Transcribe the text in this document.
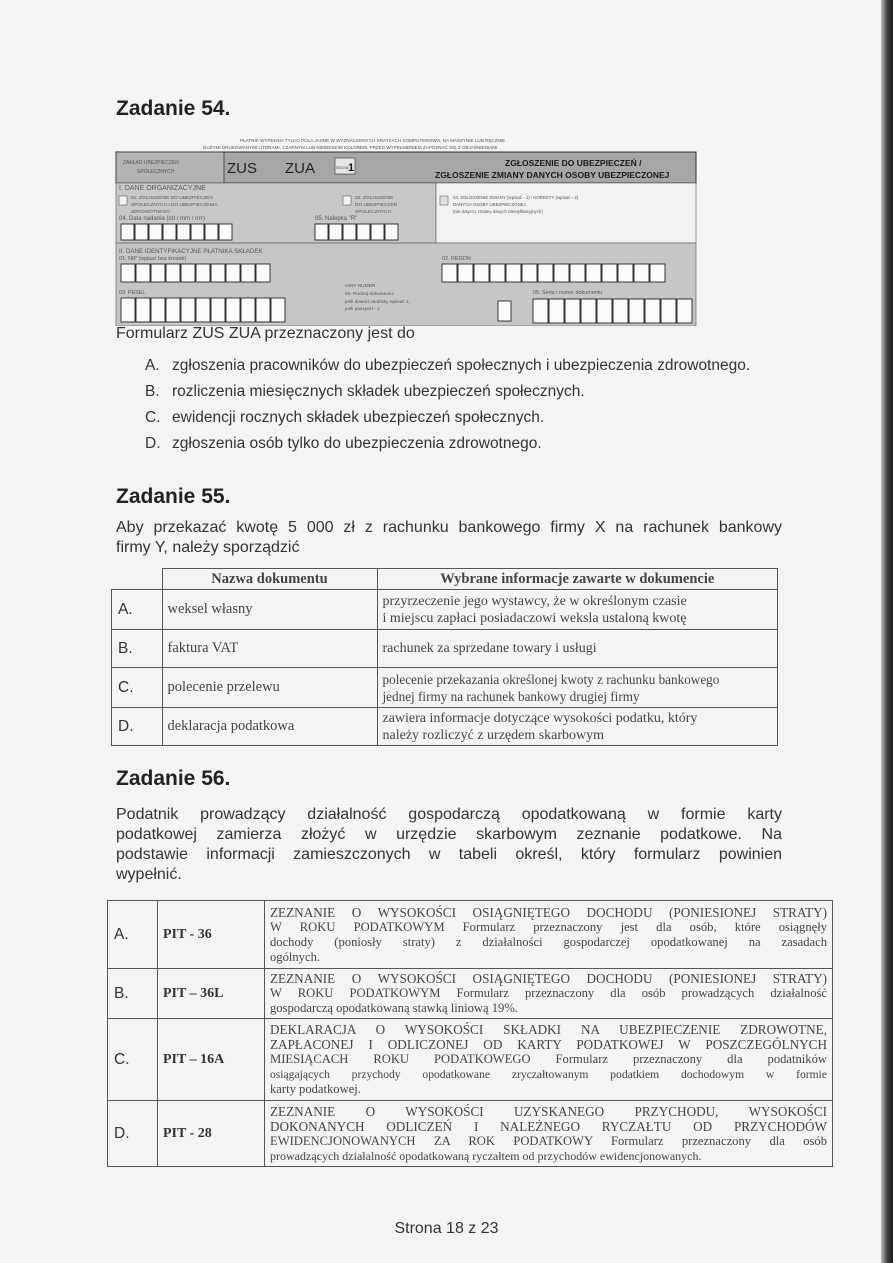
Zadanie 54.
PŁATNIK WYPEŁNIA TYLKO POLA JASNE W WYZNACZONYCH KRATKACH KOMPUTEROWO, NA MASZYNIE LUB RĘCZNIE
DUŻYMI DRUKOWANYMI LITERAMI, CZARNYM LUB NIEBIESKIM KOLOREM, PRZED WYPEŁNIENIEM ZAPOZNAĆ SIĘ Z OBJAŚNIENIAMI
ZAKŁAD UBEZPIECZEŃ
SPOŁECZNYCH	ZUS ZUA	strona 1	ZGŁOSZENIE DO UBEZPIECZEŃ /
ZGŁOSZENIE ZMIANY DANYCH OSOBY UBEZPIECZONEJ
I. DANE ORGANIZACYJNE
01. ZGŁOSZENIE DO UBEZPIECZEŃ
SPOŁECZNYCH I DO UBEZPIECZENIA
ZDROWOTNEGO
04. Data nadania (dd / mm / rrrr)
02. ZGŁOSZENIE
DO UBEZPIECZEŃ
SPOŁECZNYCH
05. Nalepka "R"
03. ZGŁOSZENIE ZMIANY (wpisać - 1) / KOREKTY (wpisać - 2)
DANYCH OSOBY UBEZPIECZONEJ
(nie dotyczy zmiany danych identyfikacyjnych)
II. DANE IDENTYFIKACYJNE PŁATNIKA SKŁADEK
01. NIP (wpisać bez kresek)	02. REGON
03. PESEL
INNY NUMER
04. Rodzaj dokumentu:
jeśli dowód osobisty, wpisać 1,
jeśli paszport - 2
05. Seria i numer dokumentu
Formularz ZUS ZUA przeznaczony jest do
A. zgłoszenia pracowników do ubezpieczeń społecznych i ubezpieczenia zdrowotnego.
B. rozliczenia miesięcznych składek ubezpieczeń społecznych.
C. ewidencji rocznych składek ubezpieczeń społecznych.
D. zgłoszenia osób tylko do ubezpieczenia zdrowotnego.
Zadanie 55.
Aby przekazać kwotę 5 000 zł z rachunku bankowego firmy X na rachunek bankowy
firmy Y, należy sporządzić
	Nazwa dokumentu	Wybrane informacje zawarte w dokumencie
A.	weksel własny	przyrzeczenie jego wystawcy, że w określonym czasie
i miejscu zapłaci posiadaczowi weksla ustaloną kwotę

B.	faktura VAT	rachunek za sprzedane towary i usługi

C.	polecenie przelewu	polecenie przekazania określonej kwoty z rachunku bankowego
jednej firmy na rachunek bankowy drugiej firmy

D.	deklaracja podatkowa	zawiera informacje dotyczące wysokości podatku, który
należy rozliczyć z urzędem skarbowym
Zadanie 56.
Podatnik prowadzący działalność gospodarczą opodatkowaną w formie karty
podatkowej zamierza złożyć w urzędzie skarbowym zeznanie podatkowe. Na
podstawie informacji zamieszczonych w tabeli określ, który formularz powinien
wypełnić.
A.	PIT - 36	ZEZNANIE O WYSOKOŚCI OSIĄGNIĘTEGO DOCHODU (PONIESIONEJ STRATY)
W ROKU PODATKOWYM Formularz przeznaczony jest dla osób, które osiągnęły
dochody (poniosły straty) z działalności gospodarczej opodatkowanej na zasadach
ogólnych.

B.	PIT – 36L	ZEZNANIE O WYSOKOŚCI OSIĄGNIĘTEGO DOCHODU (PONIESIONEJ STRATY)
W ROKU PODATKOWYM Formularz przeznaczony dla osób prowadzących działalność
gospodarczą opodatkowaną stawką liniową 19%.

C.	PIT – 16A	DEKLARACJA O WYSOKOŚCI SKŁADKI NA UBEZPIECZENIE ZDROWOTNE,
ZAPŁACONEJ I ODLICZONEJ OD KARTY PODATKOWEJ W POSZCZEGÓLNYCH
MIESIĄCACH ROKU PODATKOWEGO Formularz przeznaczony dla podatników
osiągających przychody opodatkowane zryczałtowanym podatkiem dochodowym w formie
karty podatkowej.

D.	PIT - 28	ZEZNANIE O WYSOKOŚCI UZYSKANEGO PRZYCHODU, WYSOKOŚCI
DOKONANYCH ODLICZEŃ I NALEŻNEGO RYCZAŁTU OD PRZYCHODÓW
EWIDENCJONOWANYCH ZA ROK PODATKOWY Formularz przeznaczony dla osób
prowadzących działalność opodatkowaną ryczałtem od przychodów ewidencjonowanych.
Strona 18 z 23
